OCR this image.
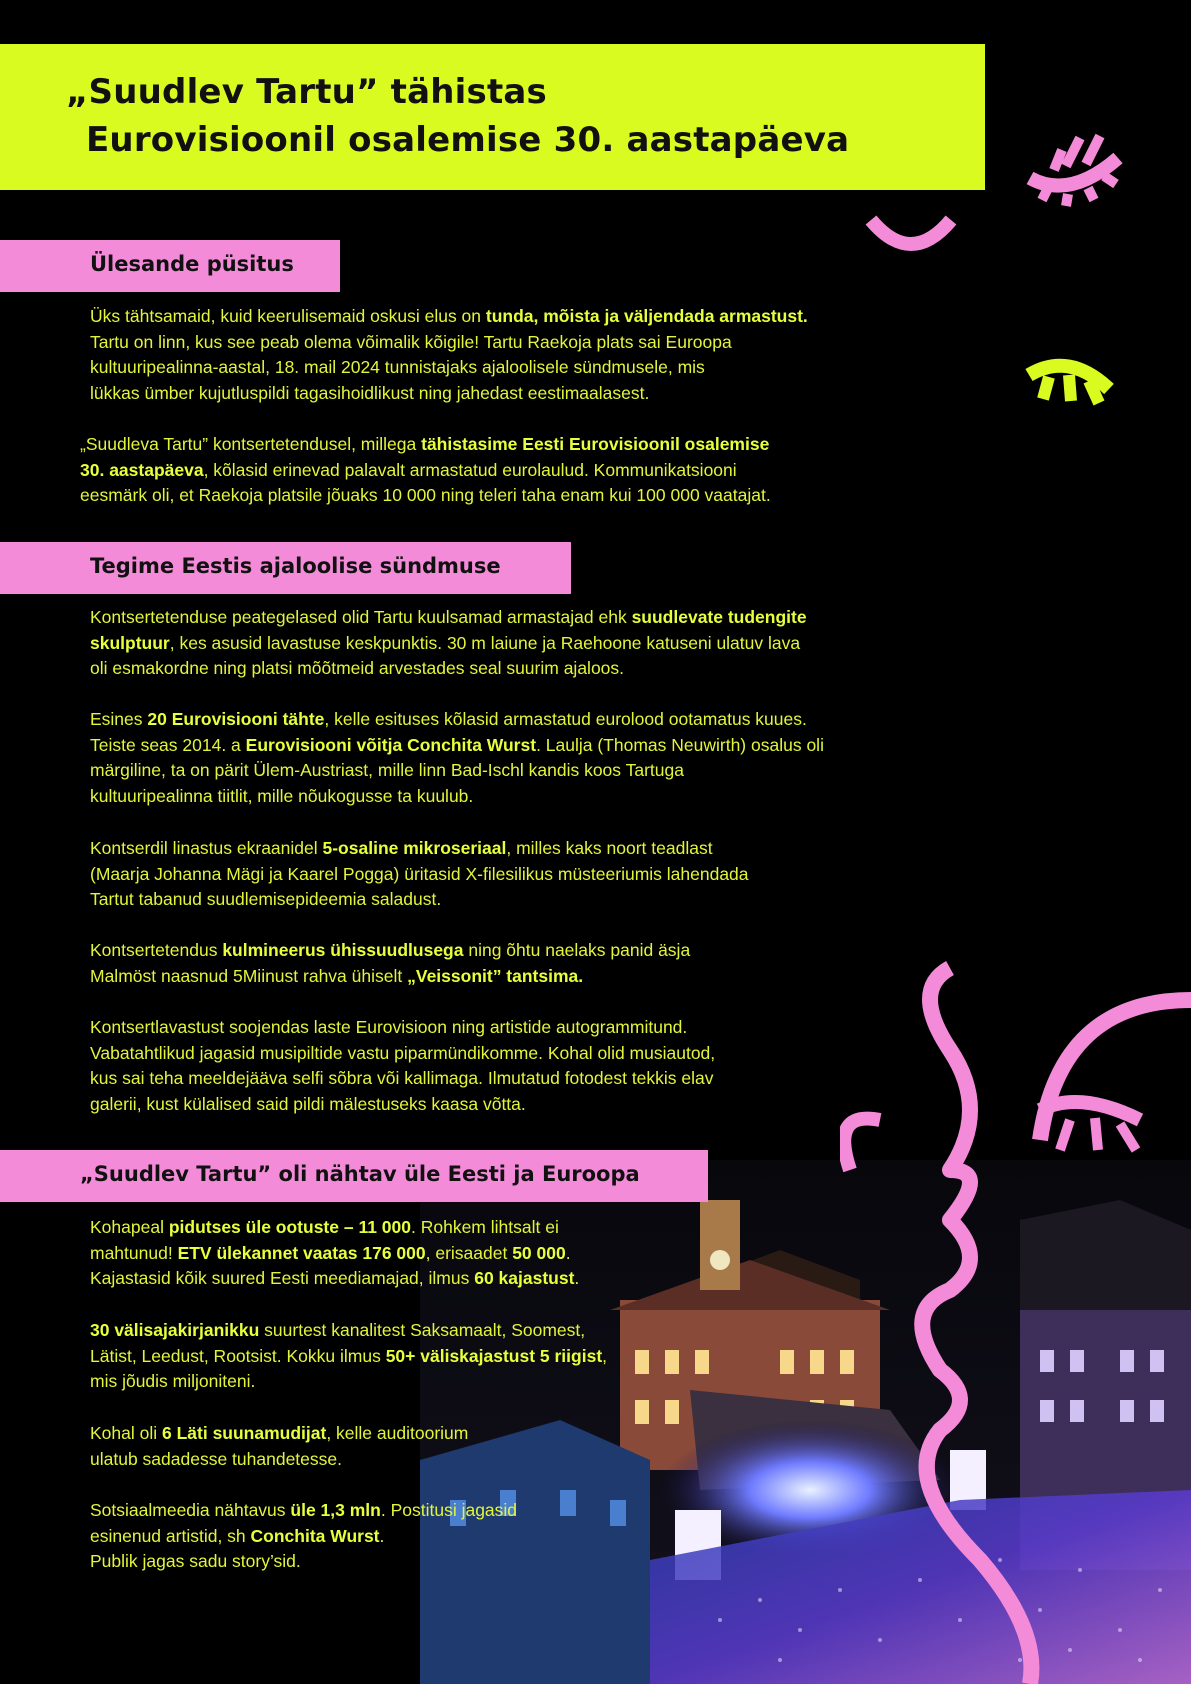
„Suudlev Tartu” tähistas
Eurovisioonil osalemise 30. aastapäeva
Ülesande püsitus
Üks tähtsamaid, kuid keerulisemaid oskusi elus on tunda, mõista ja väljendada armastust.
Tartu on linn, kus see peab olema võimalik kõigile! Tartu Raekoja plats sai Euroopa
kultuuripealinna-aastal, 18. mail 2024 tunnistajaks ajaloolisele sündmusele, mis
lükkas ümber kujutluspildi tagasihoidlikust ning jahedast eestimaalasest.
„Suudleva Tartu” kontsertetendusel, millega tähistasime Eesti Eurovisioonil osalemise
30. aastapäeva, kõlasid erinevad palavalt armastatud eurolaulud. Kommunikatsiooni
eesmärk oli, et Raekoja platsile jõuaks 10 000 ning teleri taha enam kui 100 000 vaatajat.
Tegime Eestis ajaloolise sündmuse
Kontsertetenduse peategelased olid Tartu kuulsamad armastajad ehk suudlevate tudengite
skulptuur, kes asusid lavastuse keskpunktis. 30 m laiune ja Raehoone katuseni ulatuv lava
oli esmakordne ning platsi mõõtmeid arvestades seal suurim ajaloos.
Esines 20 Eurovisiooni tähte, kelle esituses kõlasid armastatud eurolood ootamatus kuues.
Teiste seas 2014. a Eurovisiooni võitja Conchita Wurst. Laulja (Thomas Neuwirth) osalus oli
märgiline, ta on pärit Ülem-Austriast, mille linn Bad-Ischl kandis koos Tartuga
kultuuripealinna tiitlit, mille nõukogusse ta kuulub.
Kontserdil linastus ekraanidel 5-osaline mikroseriaal, milles kaks noort teadlast
(Maarja Johanna Mägi ja Kaarel Pogga) üritasid X-filesilikus müsteeriumis lahendada
Tartut tabanud suudlemisepideemia saladust.
Kontsertetendus kulmineerus ühissuudlusega ning õhtu naelaks panid äsja
Malmöst naasnud 5Miinust rahva ühiselt „Veissonit” tantsima.
Kontsertlavastust soojendas laste Eurovisioon ning artistide autogrammitund.
Vabatahtlikud jagasid musipiltide vastu piparmündikomme. Kohal olid musiautod,
kus sai teha meeldejääva selfi sõbra või kallimaga. Ilmutatud fotodest tekkis elav
galerii, kust külalised said pildi mälestuseks kaasa võtta.
„Suudlev Tartu” oli nähtav üle Eesti ja Euroopa
Kohapeal pidutses üle ootuste – 11 000. Rohkem lihtsalt ei
mahtunud! ETV ülekannet vaatas 176 000, erisaadet 50 000.
Kajastasid kõik suured Eesti meediamajad, ilmus 60 kajastust.
30 välisajakirjanikku suurtest kanalitest Saksamaalt, Soomest,
Lätist, Leedust, Rootsist. Kokku ilmus 50+ väliskajastust 5 riigist,
mis jõudis miljoniteni.
Kohal oli 6 Läti suunamudijat, kelle auditoorium
ulatub sadadesse tuhandetesse.
Sotsiaalmeedia nähtavus üle 1,3 mln. Postitusi jagasid
esinenud artistid, sh Conchita Wurst.
Publik jagas sadu story’sid.
